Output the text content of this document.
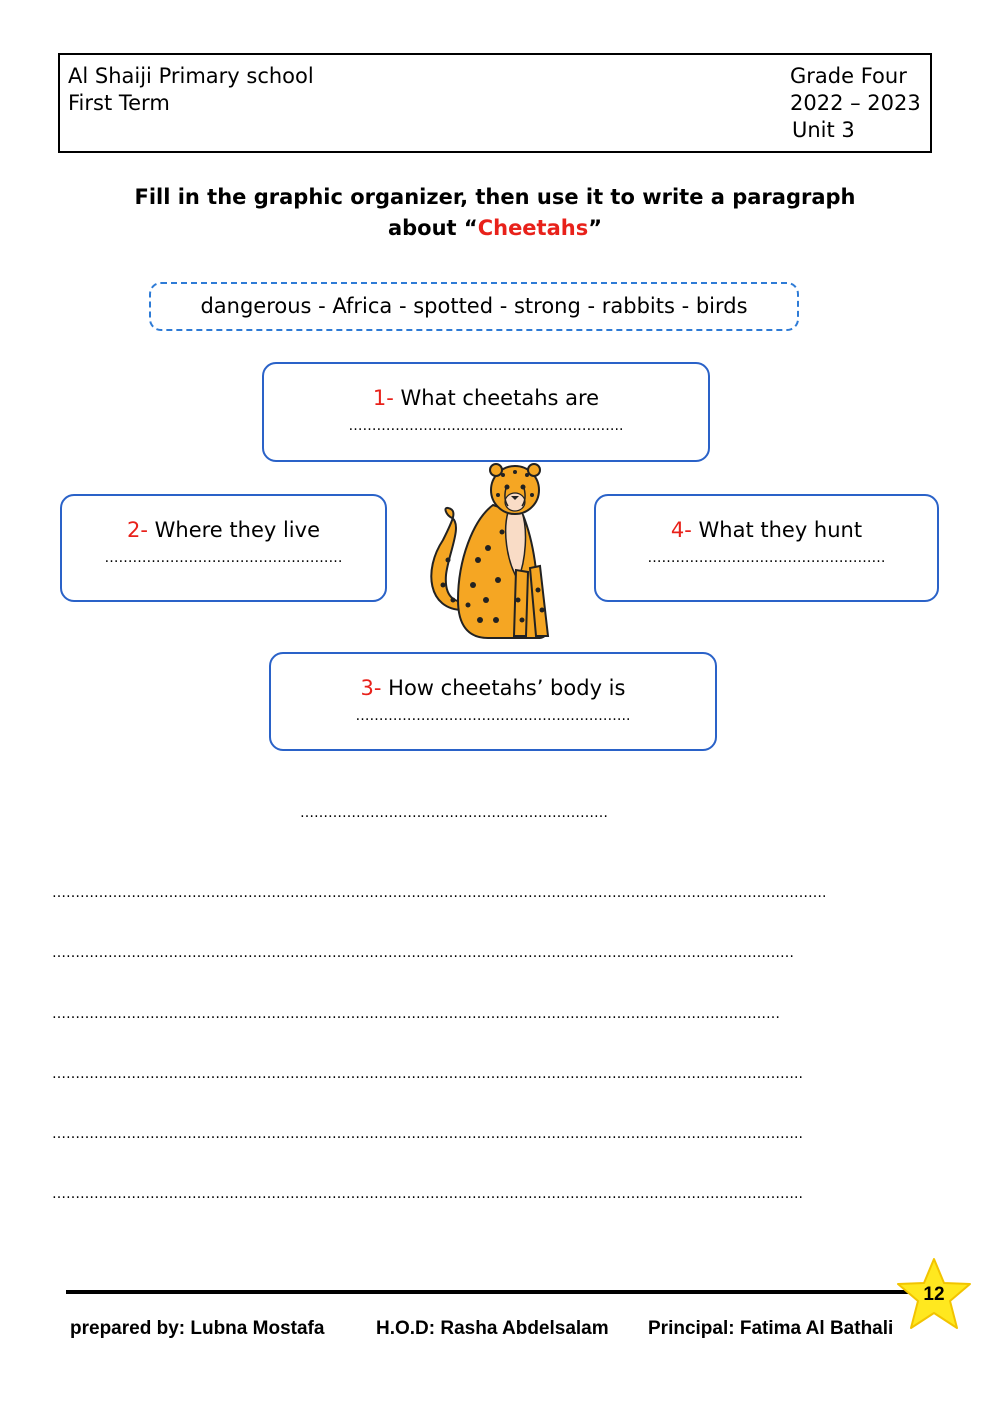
Al Shaiji Primary school
First Term
Grade Four
2022 – 2023
Unit 3
Fill in the graphic organizer, then use it to write a paragraph
about “Cheetahs”
dangerous - Africa - spotted - strong - rabbits - birds
1- What cheetahs are
…………………………………………………..
2- Where they live
……………………………………………
4- What they hunt
……………………………………………
3- How cheetahs’ body is
…………………………………………………..
…………………………………………………………
………………………………………………………………………………………………………………………………………………….
……………………………………………………………………………………………………………………………………………
…………………………………………………………………………………………………………………………………………
……………………………………………………………………………………………………………………………………………..
……………………………………………………………………………………………………………………………………………..
……………………………………………………………………………………………………………………………………………..
prepared by: Lubna Mostafa	H.O.D: Rasha Abdelsalam Principal: Fatima Al Bathali
12
